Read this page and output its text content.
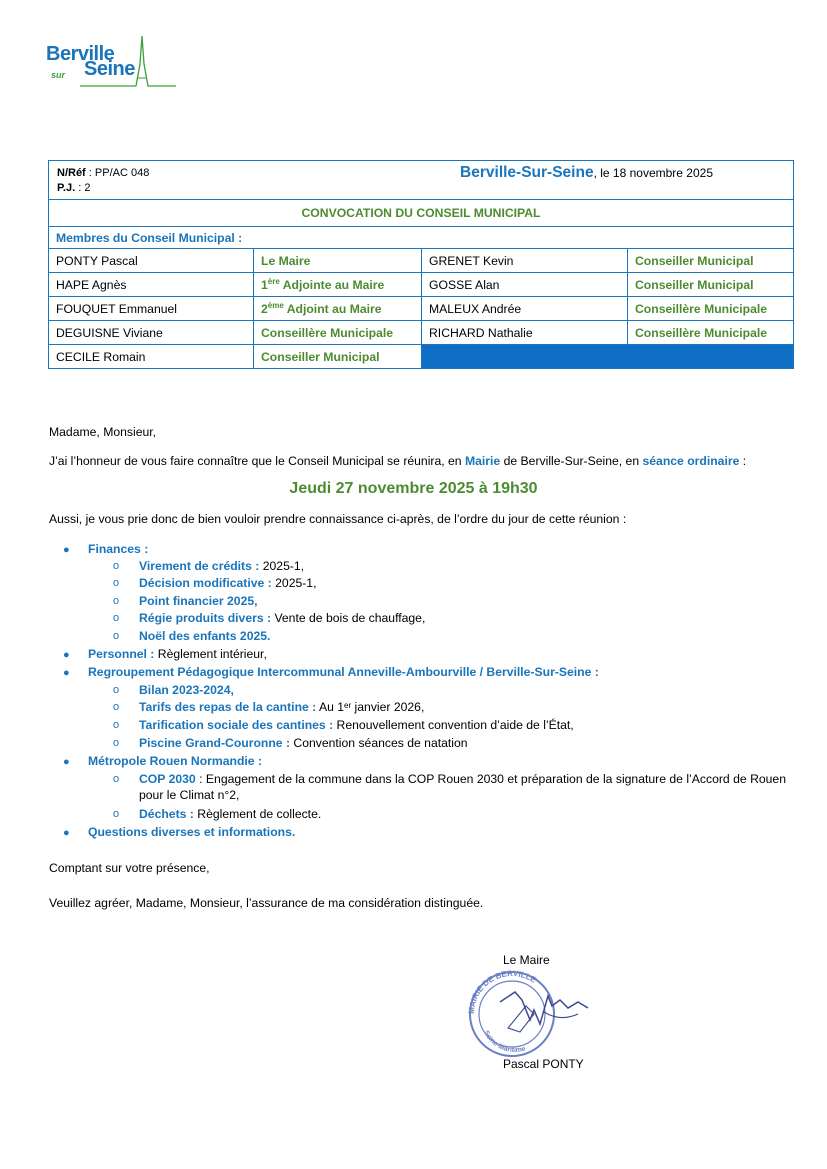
Berville
sur Seine
N/Réf : PP/AC 048
P.J. : 2
Berville-Sur-Seine, le 18 novembre 2025			

CONVOCATION DU CONSEIL MUNICIPAL			
Membres du Conseil Municipal :			
PONTY Pascal	Le Maire	GRENET Kevin	Conseiller Municipal
HAPE Agnès	1ère Adjointe au Maire	GOSSE Alan	Conseiller Municipal
FOUQUET Emmanuel	2ème Adjoint au Maire	MALEUX Andrée	Conseillère Municipale
DEGUISNE Viviane	Conseillère Municipale	RICHARD Nathalie	Conseillère Municipale
CECILE Romain	Conseiller Municipal		
Madame, Monsieur,
J’ai l’honneur de vous faire connaître que le Conseil Municipal se réunira, en Mairie de Berville-Sur-Seine, en séance ordinaire :
Jeudi 27 novembre 2025 à 19h30
Aussi, je vous prie donc de bien vouloir prendre connaissance ci-après, de l’ordre du jour de cette réunion :
● Finances :
o Virement de crédits : 2025-1,
o Décision modificative : 2025-1,
o Point financier 2025,
o Régie produits divers : Vente de bois de chauffage,
o Noël des enfants 2025.
● Personnel : Règlement intérieur,
● Regroupement Pédagogique Intercommunal Anneville-Ambourville / Berville-Sur-Seine :
o Bilan 2023-2024,
o Tarifs des repas de la cantine : Au 1er janvier 2026,
o Tarification sociale des cantines : Renouvellement convention d’aide de l’État,
o Piscine Grand-Couronne : Convention séances de natation
● Métropole Rouen Normandie :
o COP 2030 : Engagement de la commune dans la COP Rouen 2030 et préparation de la signature de l’Accord de Rouen pour le Climat n°2,
o Déchets : Règlement de collecte.
● Questions diverses et informations.
Comptant sur votre présence,
Veuillez agréer, Madame, Monsieur, l’assurance de ma considération distinguée.
Le Maire
MAIRIE DE BERVILLE
Seine-Maritime
Pascal PONTY
